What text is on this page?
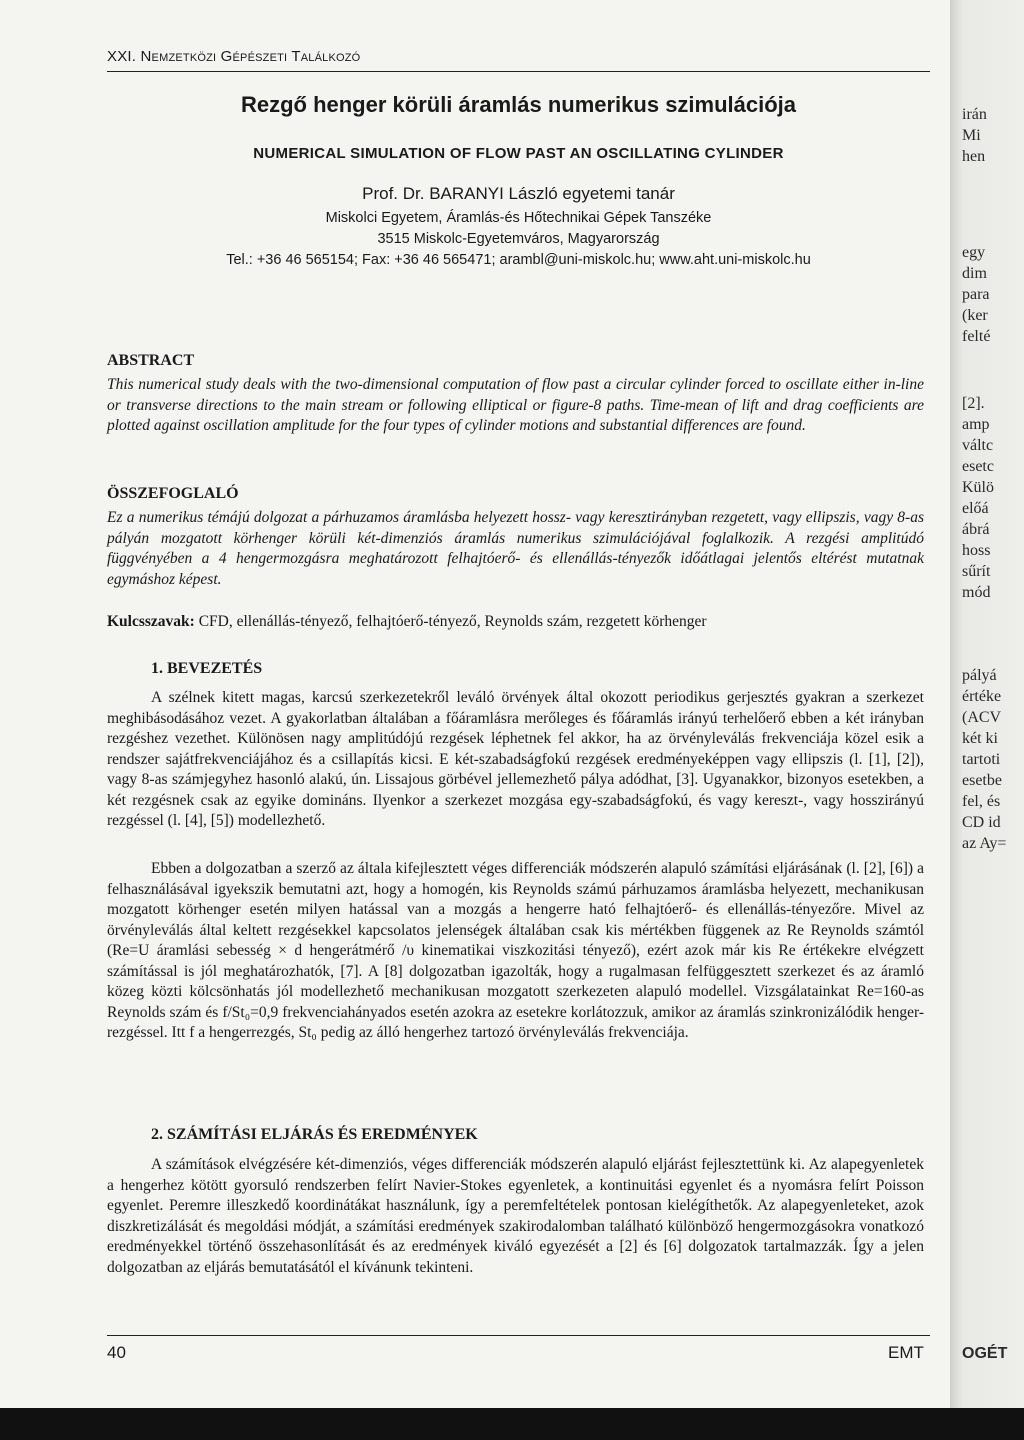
XXI. Nemzetközi Gépészeti Találkozó
Rezgő henger körüli áramlás numerikus szimulációja
NUMERICAL SIMULATION OF FLOW PAST AN OSCILLATING CYLINDER
Prof. Dr. BARANYI László egyetemi tanár
Miskolci Egyetem, Áramlás-és Hőtechnikai Gépek Tanszéke
3515 Miskolc-Egyetemváros, Magyarország
Tel.: +36 46 565154; Fax: +36 46 565471; arambl@uni-miskolc.hu; www.aht.uni-miskolc.hu
ABSTRACT
This numerical study deals with the two-dimensional computation of flow past a circular cylinder forced to oscillate either in-line or transverse directions to the main stream or following elliptical or figure-8 paths. Time-mean of lift and drag coefficients are plotted against oscillation amplitude for the four types of cylinder motions and substantial differences are found.
ÖSSZEFOGLALÓ
Ez a numerikus témájú dolgozat a párhuzamos áramlásba helyezett hossz- vagy keresztirányban rezgetett, vagy ellipszis, vagy 8-as pályán mozgatott körhenger körüli két-dimenziós áramlás numerikus szimulációjával foglalkozik. A rezgési amplitúdó függvényében a 4 hengermozgásra meghatározott felhajtóerő- és ellenállás-tényezők időátlagai jelentős eltérést mutatnak egymáshoz képest.
Kulcsszavak: CFD, ellenállás-tényező, felhajtóerő-tényező, Reynolds szám, rezgetett körhenger
1. BEVEZETÉS
A szélnek kitett magas, karcsú szerkezetekről leváló örvények által okozott periodikus gerjesztés gyakran a szerkezet meghibásodásához vezet. A gyakorlatban általában a főáramlásra merőleges és főáramlás irányú terhelőerő ebben a két irányban rezgéshez vezethet. Különösen nagy amplitúdójú rezgések léphetnek fel akkor, ha az örvényleválás frekvenciája közel esik a rendszer sajátfrekvenciájához és a csillapítás kicsi. E két-szabadságfokú rezgések eredményeképpen vagy ellipszis (l. [1], [2]), vagy 8-as számjegyhez hasonló alakú, ún. Lissajous görbével jellemezhető pálya adódhat, [3]. Ugyanakkor, bizonyos esetekben, a két rezgésnek csak az egyike domináns. Ilyenkor a szerkezet mozgása egy-szabadságfokú, és vagy kereszt-, vagy hosszirányú rezgéssel (l. [4], [5]) modellezhető.
Ebben a dolgozatban a szerző az általa kifejlesztett véges differenciák módszerén alapuló számítási eljárásának (l. [2], [6]) a felhasználásával igyekszik bemutatni azt, hogy a homogén, kis Reynolds számú párhuzamos áramlásba helyezett, mechanikusan mozgatott körhenger esetén milyen hatással van a mozgás a hengerre ható felhajtóerő- és ellenállás-tényezőre. Mivel az örvényleválás által keltett rezgésekkel kapcsolatos jelenségek általában csak kis mértékben függenek az Re Reynolds számtól (Re=U áramlási sebesség × d hengerátmérő /υ kinematikai viszkozitási tényező), ezért azok már kis Re értékekre elvégzett számítással is jól meghatározhatók, [7]. A [8] dolgozatban igazolták, hogy a rugalmasan felfüggesztett szerkezet és az áramló közeg közti kölcsönhatás jól modellezhető mechanikusan mozgatott szerkezeten alapuló modellel. Vizsgálatainkat Re=160-as Reynolds szám és f/St₀=0,9 frekvenciahányados esetén azokra az esetekre korlátozzuk, amikor az áramlás szinkronizálódik henger-rezgéssel. Itt f a hengerrezgés, St₀ pedig az álló hengerhez tartozó örvényleválás frekvenciája.
2. SZÁMÍTÁSI ELJÁRÁS ÉS EREDMÉNYEK
A számítások elvégzésére két-dimenziós, véges differenciák módszerén alapuló eljárást fejlesztettünk ki. Az alapegyenletek a hengerhez kötött gyorsuló rendszerben felírt Navier-Stokes egyenletek, a kontinuitási egyenlet és a nyomásra felírt Poisson egyenlet. Peremre illeszkedő koordinátákat használunk, így a peremfeltételek pontosan kielégíthetők. Az alapegyenleteket, azok diszkretizálását és megoldási módját, a számítási eredmények szakirodalomban található különböző hengermozgásokra vonatkozó eredményekkel történő összehasonlítását és az eredmények kiváló egyezését a [2] és [6] dolgozatok tartalmazzák. Így a jelen dolgozatban az eljárás bemutatásától el kívánunk tekinteni.
40	EMT
irán
Mi
hen
egy
dim
para
(ker
felté
[2].
amp
váltc
esetc
Külö
előá
ábrá
hoss
sűrít
mód
pályá
értéke
(ACV
két ki
tartoti
esetbe
fel, és
CD id
az Ay=
OGÉT
